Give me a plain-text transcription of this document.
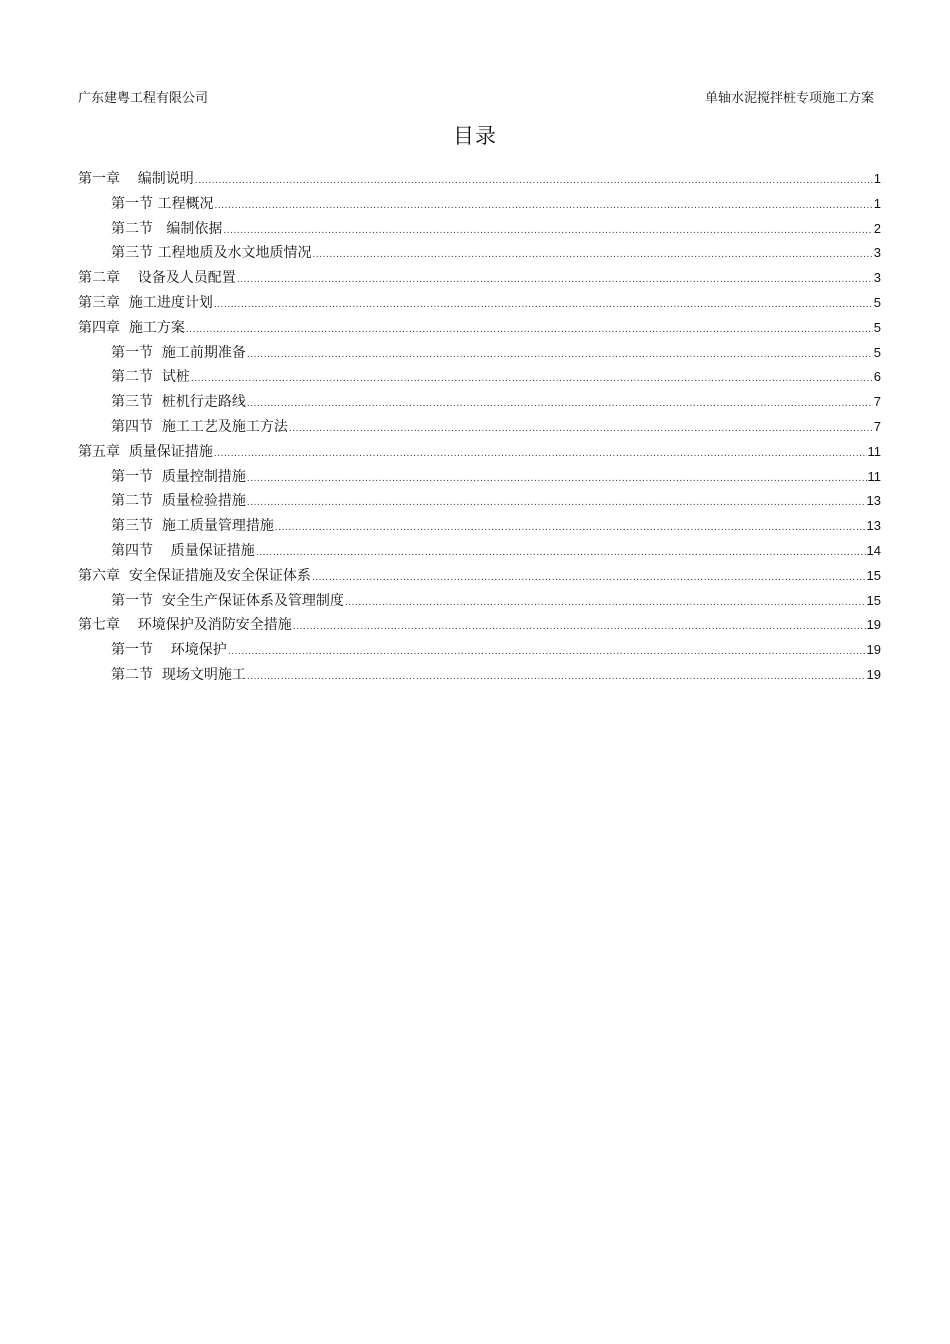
广东建粤工程有限公司	单轴水泥搅拌桩专项施工方案
目录
第一章    编制说明 .....	1
第一节 工程概况 .....	1
第二节   编制依据 .....	2
第三节 工程地质及水文地质情况 .....	3
第二章    设备及人员配置 .....	3
第三章  施工进度计划 .....	5
第四章  施工方案 .....	5
第一节  施工前期准备 .....	5
第二节  试桩 .....	6
第三节  桩机行走路线 .....	7
第四节  施工工艺及施工方法 .....	7
第五章  质量保证措施 .....	11
第一节  质量控制措施 .....	11
第二节  质量检验措施 .....	13
第三节  施工质量管理措施 .....	13
第四节    质量保证措施 .....	14
第六章  安全保证措施及安全保证体系 .....	15
第一节  安全生产保证体系及管理制度 .....	15
第七章    环境保护及消防安全措施 .....	19
第一节    环境保护 .....	19
第二节  现场文明施工 .....	19
